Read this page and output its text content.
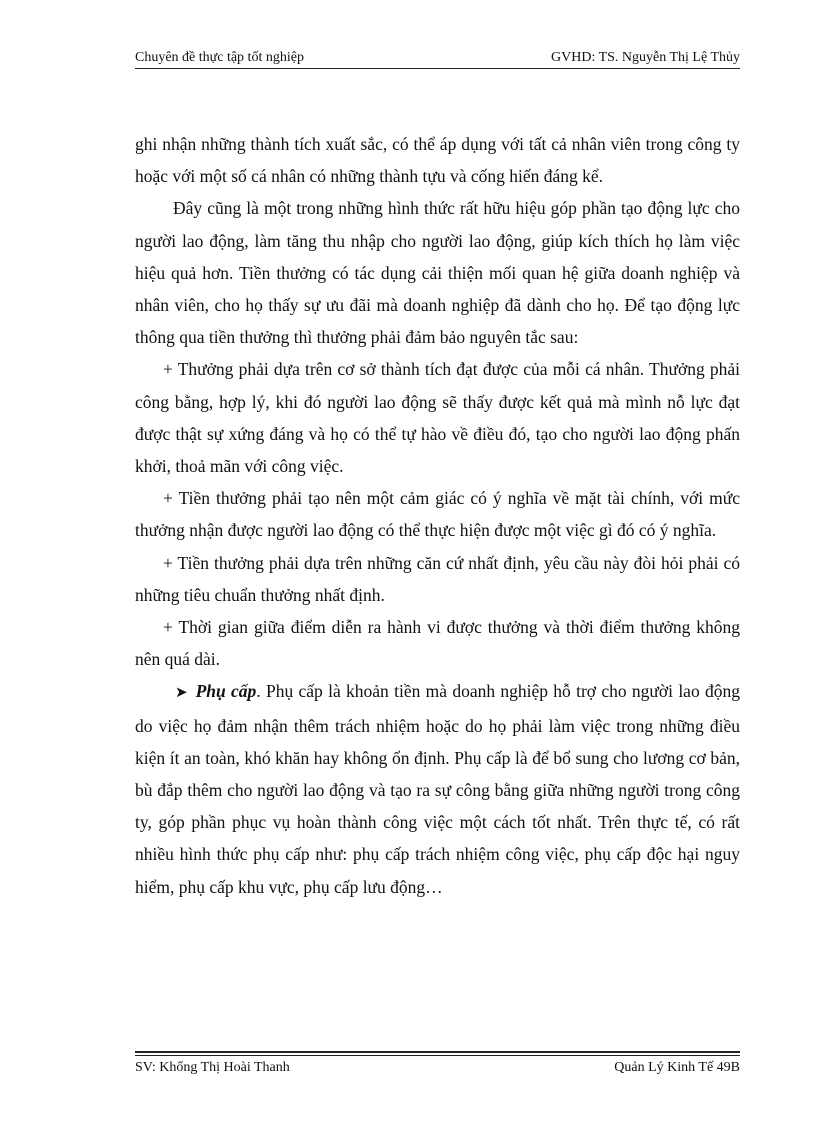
Chuyên đề thực tập tốt nghiệp	GVHD: TS. Nguyễn Thị Lệ Thủy

ghi nhận những thành tích xuất sắc, có thể áp dụng với tất cả nhân viên trong công ty hoặc với một số cá nhân có những thành tựu và cống hiến đáng kể.

Đây cũng là một trong những hình thức rất hữu hiệu góp phần tạo động lực cho người lao động, làm tăng thu nhập cho người lao động, giúp kích thích họ làm việc hiệu quả hơn. Tiền thưởng có tác dụng cải thiện mối quan hệ giữa doanh nghiệp và nhân viên, cho họ thấy sự ưu đãi mà doanh nghiệp đã dành cho họ. Để tạo động lực thông qua tiền thưởng thì thưởng phải đảm bảo nguyên tắc sau:

+ Thưởng phải dựa trên cơ sở thành tích đạt được của mỗi cá nhân. Thưởng phải công bằng, hợp lý, khi đó người lao động sẽ thấy được kết quả mà mình nỗ lực đạt được thật sự xứng đáng và họ có thể tự hào về điều đó, tạo cho người lao động phấn khởi, thoả mãn với công việc.

+ Tiền thưởng phải tạo nên một cảm giác có ý nghĩa về mặt tài chính, với mức thưởng nhận được người lao động có thể thực hiện được một việc gì đó có ý nghĩa.

+ Tiền thưởng phải dựa trên những căn cứ nhất định, yêu cầu này đòi hỏi phải có những tiêu chuẩn thưởng nhất định.

+ Thời gian giữa điểm diễn ra hành vi được thưởng và thời điểm thưởng không nên quá dài.

➤ Phụ cấp. Phụ cấp là khoản tiền mà doanh nghiệp hỗ trợ cho người lao động do việc họ đảm nhận thêm trách nhiệm hoặc do họ phải làm việc trong những điều kiện ít an toàn, khó khăn hay không ổn định. Phụ cấp là để bổ sung cho lương cơ bản, bù đắp thêm cho người lao động và tạo ra sự công bằng giữa những người trong công ty, góp phần phục vụ hoàn thành công việc một cách tốt nhất. Trên thực tế, có rất nhiều hình thức phụ cấp như: phụ cấp trách nhiệm công việc, phụ cấp độc hại nguy hiểm, phụ cấp khu vực, phụ cấp lưu động…

SV: Khổng Thị Hoài Thanh	Quản Lý Kinh Tế 49B
